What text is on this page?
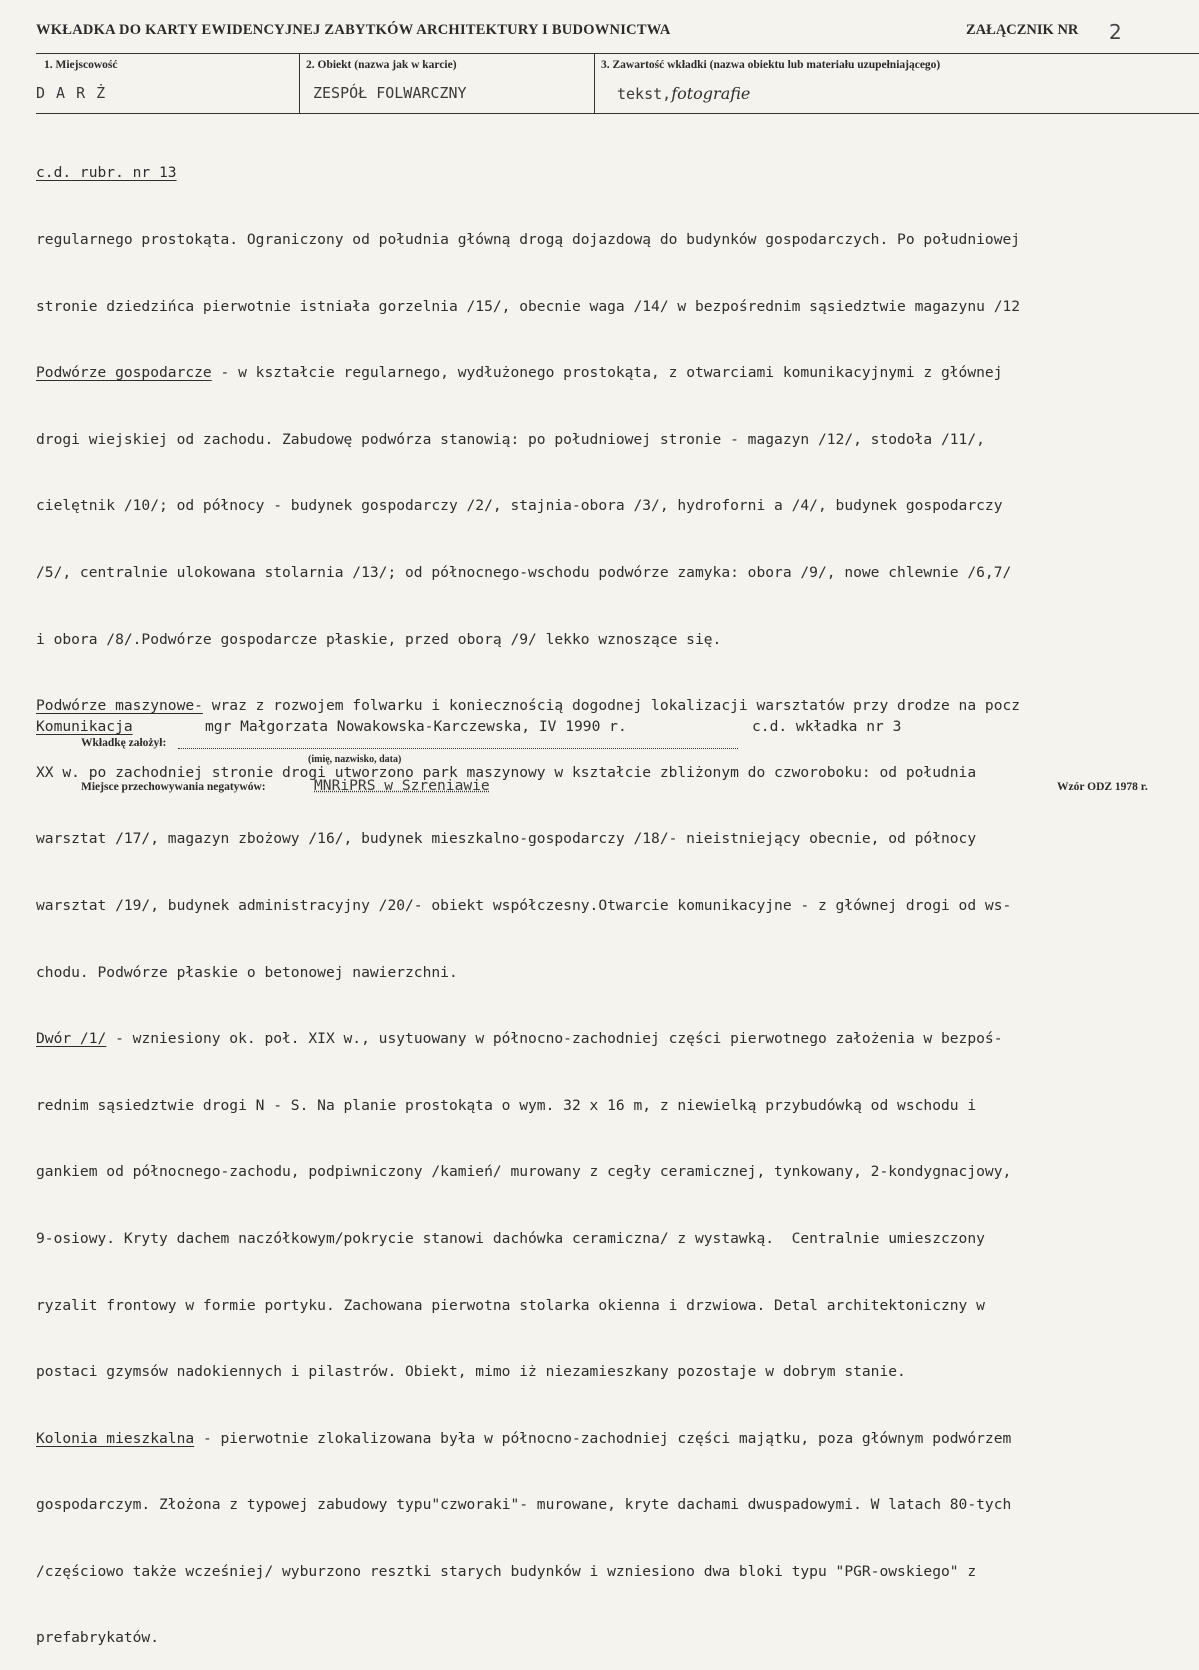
WKŁADKA DO KARTY EWIDENCYJNEJ ZABYTKÓW ARCHITEKTURY I BUDOWNICTWA	ZAŁĄCZNIK NR 2
1. Miejscowość	2. Obiekt (nazwa jak w karcie)	3. Zawartość wkładki (nazwa obiektu lub materiału uzupełniającego)
D A R Ż	ZESPÓŁ FOLWARCZNY	tekst,fotografie

c.d. rubr. nr 13

regularnego prostokąta. Ograniczony od południa główną drogą dojazdową do budynków gospodarczych. Po południowej

stronie dziedzińca pierwotnie istniała gorzelnia /15/, obecnie waga /14/ w bezpośrednim sąsiedztwie magazynu /12

Podwórze gospodarcze - w kształcie regularnego, wydłużonego prostokąta, z otwarciami komunikacyjnymi z głównej

drogi wiejskiej od zachodu. Zabudowę podwórza stanowią: po południowej stronie - magazyn /12/, stodoła /11/,

cielętnik /10/; od północy - budynek gospodarczy /2/, stajnia-obora /3/, hydroforni a /4/, budynek gospodarczy

/5/, centralnie ulokowana stolarnia /13/; od północnego-wschodu podwórze zamyka: obora /9/, nowe chlewnie /6,7/

i obora /8/.Podwórze gospodarcze płaskie, przed oborą /9/ lekko wznoszące się.

Podwórze maszynowe- wraz z rozwojem folwarku i koniecznością dogodnej lokalizacji warsztatów przy drodze na pocz

XX w. po zachodniej stronie drogi utworzono park maszynowy w kształcie zbliżonym do czworoboku: od południa

warsztat /17/, magazyn zbożowy /16/, budynek mieszkalno-gospodarczy /18/- nieistniejący obecnie, od północy

warsztat /19/, budynek administracyjny /20/- obiekt współczesny.Otwarcie komunikacyjne - z głównej drogi od ws-

chodu. Podwórze płaskie o betonowej nawierzchni.

Dwór /1/ - wzniesiony ok. poł. XIX w., usytuowany w północno-zachodniej części pierwotnego założenia w bezpoś-

rednim sąsiedztwie drogi N - S. Na planie prostokąta o wym. 32 x 16 m, z niewielką przybudówką od wschodu i

gankiem od północnego-zachodu, podpiwniczony /kamień/ murowany z cegły ceramicznej, tynkowany, 2-kondygnacjowy,

9-osiowy. Kryty dachem naczółkowym/pokrycie stanowi dachówka ceramiczna/ z wystawką.  Centralnie umieszczony

ryzalit frontowy w formie portyku. Zachowana pierwotna stolarka okienna i drzwiowa. Detal architektoniczny w

postaci gzymsów nadokiennych i pilastrów. Obiekt, mimo iż niezamieszkany pozostaje w dobrym stanie.

Kolonia mieszkalna - pierwotnie zlokalizowana była w północno-zachodniej części majątku, poza głównym podwórzem

gospodarczym. Złożona z typowej zabudowy typu"czworaki"- murowane, kryte dachami dwuspadowymi. W latach 80-tych

/częściowo także wcześniej/ wyburzono resztki starych budynków i wzniesiono dwa bloki typu "PGR-owskiego" z

prefabrykatów.

Komunikacja
Wkładkę założył:
mgr Małgorzata Nowakowska-Karczewska, IV 1990 r.	c.d. wkładka nr 3
(imię, nazwisko, data)
Miejsce przechowywania negatywów:	MNRiPRS w Szreniawie	Wzór ODZ 1978 r.
